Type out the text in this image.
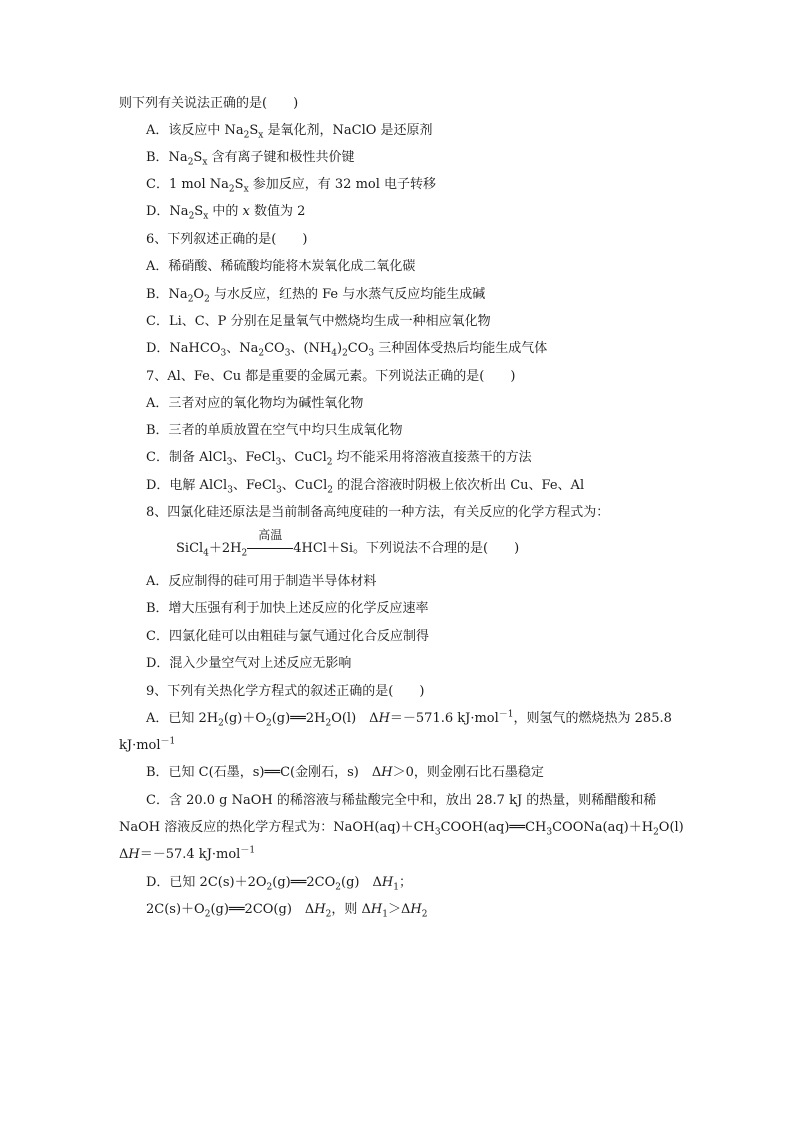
则下列有关说法正确的是(　　)
A．该反应中 $Na_2S_x$ 是氧化剂，NaClO 是还原剂
B．$Na_2S_x$ 含有离子键和极性共价键
C．1 mol $Na_2S_x$ 参加反应，有 32 mol 电子转移
D．$Na_2S_x$ 中的 x 数值为 2
6、下列叙述正确的是(　　)
A．稀硝酸、稀硫酸均能将木炭氧化成二氧化碳
B．$Na_2O_2$ 与水反应，红热的 Fe 与水蒸气反应均能生成碱
C．Li、C、P 分别在足量氧气中燃烧均生成一种相应氧化物
D．NaHCO$_3$、$Na_2CO_3$、$(NH_4)_2CO_3$ 三种固体受热后均能生成气体
7、Al、Fe、Cu 都是重要的金属元素。下列说法正确的是(　　)
A．三者对应的氧化物均为碱性氧化物
B．三者的单质放置在空气中均只生成氧化物
C．制备 AlCl$_3$、FeCl$_3$、CuCl$_2$ 均不能采用将溶液直接蒸干的方法
D．电解 AlCl$_3$、FeCl$_3$、CuCl$_2$ 的混合溶液时阴极上依次析出 Cu、Fe、Al
8、四氯化硅还原法是当前制备高纯度硅的一种方法，有关反应的化学方程式为：
$SiCl_4+2H_2$
高温
4HCl＋Si。下列说法不合理的是(　　)
A．反应制得的硅可用于制造半导体材料
B．增大压强有利于加快上述反应的化学反应速率
C．四氯化硅可以由粗硅与氯气通过化合反应制得
D．混入少量空气对上述反应无影响
9、下列有关热化学方程式的叙述正确的是(　　)
A．已知 $2H_2(g)+O_2(g)══2H_2O(l)$　ΔH＝－571.6 kJ·mol$^{-1}$，则氢气的燃烧热为 285.8
kJ·mol$^{-1}$
B．已知 C(石墨，s)══C(金刚石，s)　ΔH＞0，则金刚石比石墨稳定
C．含 20.0 g NaOH 的稀溶液与稀盐酸完全中和，放出 28.7 kJ 的热量，则稀醋酸和稀
NaOH 溶液反应的热化学方程式为：$NaOH(aq)+CH_3COOH(aq)══CH_3COONa(aq)+H_2O(l)$
ΔH＝－57.4 kJ·mol$^{-1}$
D．已知 $2C(s)+2O_2(g)══2CO_2(g)$　$\Delta H_1$；
$2C(s)+O_2(g)══2CO(g)$　$\Delta H_2$，则 $\Delta H_1>\Delta H_2$
